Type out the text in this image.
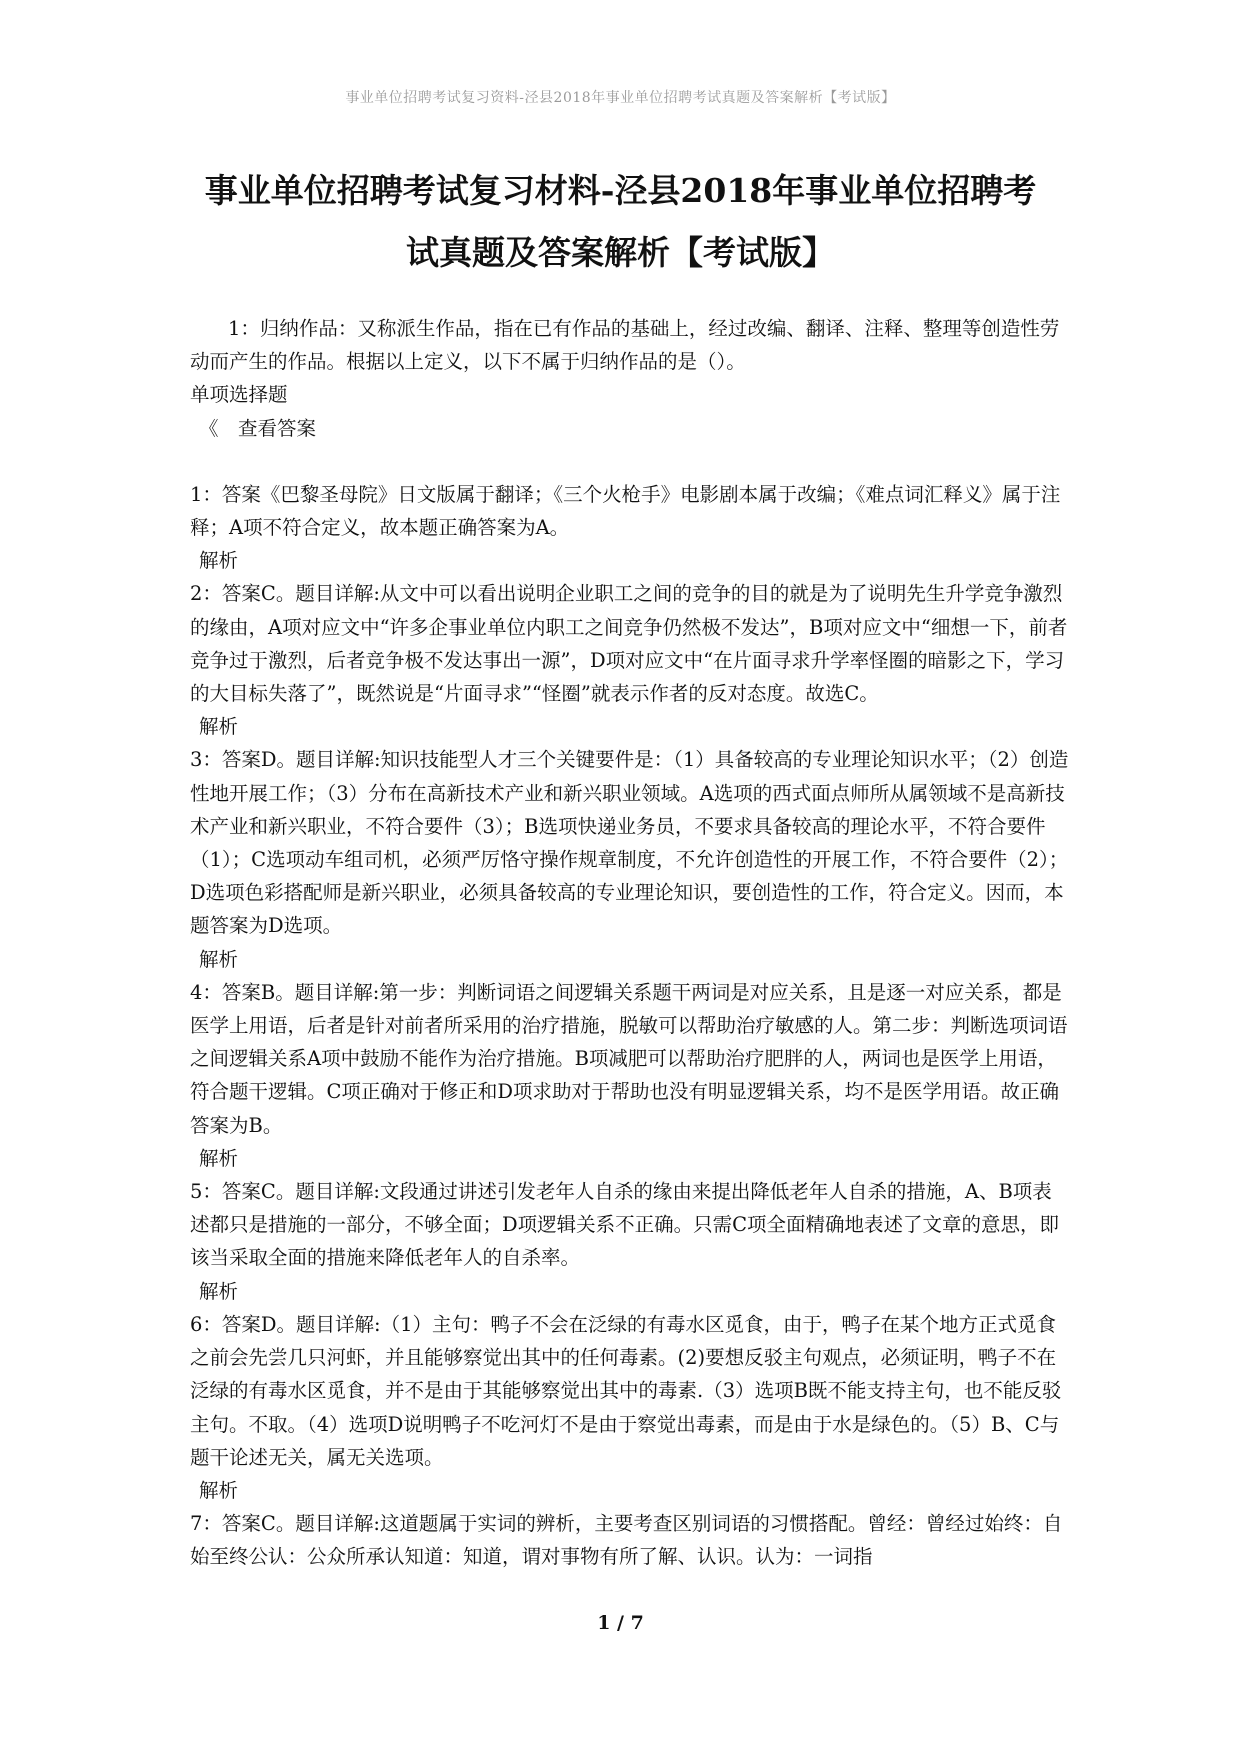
事业单位招聘考试复习资料-泾县2018年事业单位招聘考试真题及答案解析【考试版】
事业单位招聘考试复习材料-泾县2018年事业单位招聘考
试真题及答案解析【考试版】

1：归纳作品：又称派生作品，指在已有作品的基础上，经过改编、翻译、注释、整理等创造性劳动而产生的作品。根据以上定义，以下不属于归纳作品的是（）。

单项选择题

《　查看答案

1：答案《巴黎圣母院》日文版属于翻译；《三个火枪手》电影剧本属于改编；《难点词汇释义》属于注释；A项不符合定义，故本题正确答案为A。

解析

2：答案C。题目详解:从文中可以看出说明企业职工之间的竞争的目的就是为了说明先生升学竞争激烈的缘由，A项对应文中“许多企事业单位内职工之间竞争仍然极不发达”，B项对应文中“细想一下，前者竞争过于激烈，后者竞争极不发达事出一源”，D项对应文中“在片面寻求升学率怪圈的暗影之下，学习的大目标失落了”，既然说是“片面寻求”“怪圈”就表示作者的反对态度。故选C。

解析

3：答案D。题目详解:知识技能型人才三个关键要件是：（1）具备较高的专业理论知识水平；（2）创造性地开展工作；（3）分布在高新技术产业和新兴职业领域。A选项的西式面点师所从属领域不是高新技术产业和新兴职业，不符合要件（3）；B选项快递业务员，不要求具备较高的理论水平，不符合要件（1）；C选项动车组司机，必须严厉恪守操作规章制度，不允许创造性的开展工作，不符合要件（2）；D选项色彩搭配师是新兴职业，必须具备较高的专业理论知识，要创造性的工作，符合定义。因而，本题答案为D选项。

解析

4：答案B。题目详解:第一步：判断词语之间逻辑关系题干两词是对应关系，且是逐一对应关系，都是医学上用语，后者是针对前者所采用的治疗措施，脱敏可以帮助治疗敏感的人。第二步：判断选项词语之间逻辑关系A项中鼓励不能作为治疗措施。B项减肥可以帮助治疗肥胖的人，两词也是医学上用语，符合题干逻辑。C项正确对于修正和D项求助对于帮助也没有明显逻辑关系，均不是医学用语。故正确答案为B。

解析

5：答案C。题目详解:文段通过讲述引发老年人自杀的缘由来提出降低老年人自杀的措施，A、B项表述都只是措施的一部分，不够全面；D项逻辑关系不正确。只需C项全面精确地表述了文章的意思，即该当采取全面的措施来降低老年人的自杀率。

解析

6：答案D。题目详解:（1）主句：鸭子不会在泛绿的有毒水区觅食，由于，鸭子在某个地方正式觅食之前会先尝几只河虾，并且能够察觉出其中的任何毒素。(2)要想反驳主句观点，必须证明，鸭子不在泛绿的有毒水区觅食，并不是由于其能够察觉出其中的毒素.（3）选项B既不能支持主句，也不能反驳主句。不取。（4）选项D说明鸭子不吃河灯不是由于察觉出毒素，而是由于水是绿色的。（5）B、C与题干论述无关，属无关选项。

解析

7：答案C。题目详解:这道题属于实词的辨析，主要考查区别词语的习惯搭配。曾经：曾经过始终：自始至终公认：公众所承认知道：知道，谓对事物有所了解、认识。认为：一词指

1 / 7
